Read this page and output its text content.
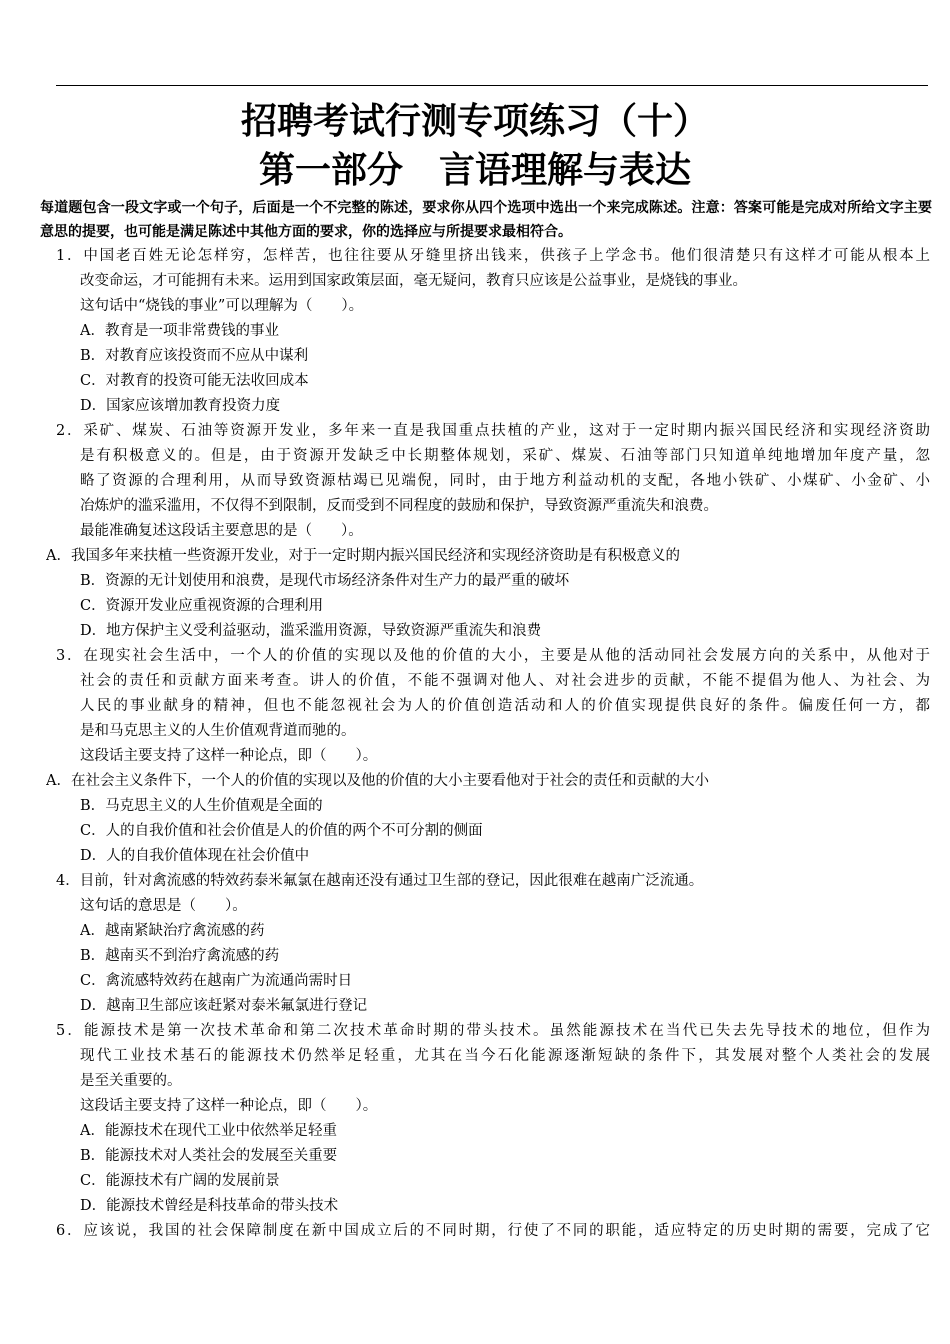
招聘考试行测专项练习（十）
第一部分 言语理解与表达

每道题包含一段文字或一个句子，后面是一个不完整的陈述，要求你从四个选项中选出一个来完成陈述。注意：答案可能是完成对所给文字主要意思的提要，也可能是满足陈述中其他方面的要求，你的选择应与所提要求最相符合。

1．中国老百姓无论怎样穷，怎样苦，也往往要从牙缝里挤出钱来，供孩子上学念书。他们很清楚只有这样才可能从根本上
改变命运，才可能拥有未来。运用到国家政策层面，毫无疑问，教育只应该是公益事业，是烧钱的事业。
这句话中“烧钱的事业”可以理解为（　　）。
A．教育是一项非常费钱的事业
B．对教育应该投资而不应从中谋利
C．对教育的投资可能无法收回成本
D．国家应该增加教育投资力度
2．采矿、煤炭、石油等资源开发业，多年来一直是我国重点扶植的产业，这对于一定时期内振兴国民经济和实现经济资助
是有积极意义的。但是，由于资源开发缺乏中长期整体规划，采矿、煤炭、石油等部门只知道单纯地增加年度产量，忽
略了资源的合理利用，从而导致资源枯竭已见端倪，同时，由于地方利益动机的支配，各地小铁矿、小煤矿、小金矿、小
冶炼炉的滥采滥用，不仅得不到限制，反而受到不同程度的鼓励和保护，导致资源严重流失和浪费。
最能准确复述这段话主要意思的是（　　）。
A．我国多年来扶植一些资源开发业，对于一定时期内振兴国民经济和实现经济资助是有积极意义的
B．资源的无计划使用和浪费，是现代市场经济条件对生产力的最严重的破坏
C．资源开发业应重视资源的合理利用
D．地方保护主义受利益驱动，滥采滥用资源，导致资源严重流失和浪费
3．在现实社会生活中，一个人的价值的实现以及他的价值的大小，主要是从他的活动同社会发展方向的关系中，从他对于
社会的责任和贡献方面来考查。讲人的价值，不能不强调对他人、对社会进步的贡献，不能不提倡为他人、为社会、为
人民的事业献身的精神，但也不能忽视社会为人的价值创造活动和人的价值实现提供良好的条件。偏废任何一方，都
是和马克思主义的人生价值观背道而驰的。
这段话主要支持了这样一种论点，即（　　）。
A．在社会主义条件下，一个人的价值的实现以及他的价值的大小主要看他对于社会的责任和贡献的大小
B．马克思主义的人生价值观是全面的
C．人的自我价值和社会价值是人的价值的两个不可分割的侧面
D．人的自我价值体现在社会价值中
4．目前，针对禽流感的特效药泰米氟氯在越南还没有通过卫生部的登记，因此很难在越南广泛流通。
这句话的意思是（　　）。
A．越南紧缺治疗禽流感的药
B．越南买不到治疗禽流感的药
C．禽流感特效药在越南广为流通尚需时日
D．越南卫生部应该赶紧对泰米氟氯进行登记
5．能源技术是第一次技术革命和第二次技术革命时期的带头技术。虽然能源技术在当代已失去先导技术的地位，但作为
现代工业技术基石的能源技术仍然举足轻重，尤其在当今石化能源逐渐短缺的条件下，其发展对整个人类社会的发展
是至关重要的。
这段话主要支持了这样一种论点，即（　　）。
A．能源技术在现代工业中依然举足轻重
B．能源技术对人类社会的发展至关重要
C．能源技术有广阔的发展前景
D．能源技术曾经是科技革命的带头技术
6．应该说，我国的社会保障制度在新中国成立后的不同时期，行使了不同的职能，适应特定的历史时期的需要，完成了它
